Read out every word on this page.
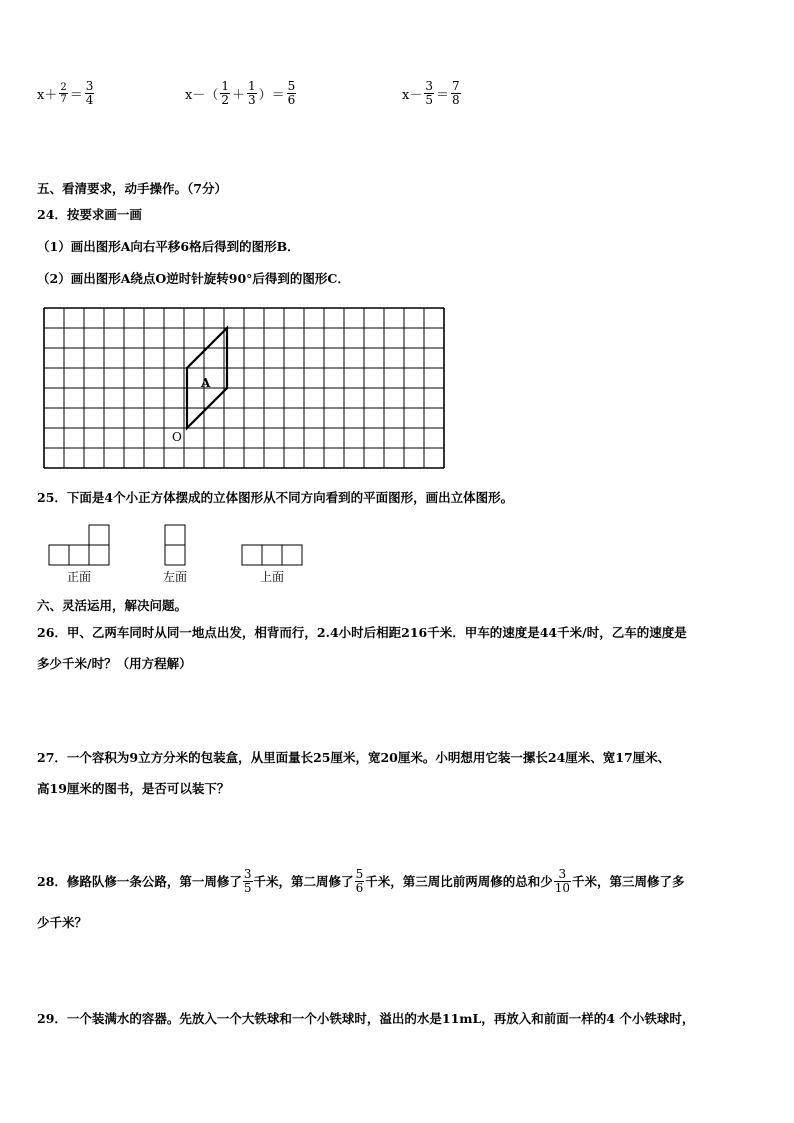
$x+ \frac{2}{7} = \frac{3}{4}$	$x-( \frac{1}{2} + \frac{1}{3}$ ）＝ $\frac{5}{6}$	$x- \frac{3}{5} = \frac{7}{8}$
五、看清要求，动手操作。（7分）
24．按要求画一画
（1）画出图形A向右平移6格后得到的图形B．
（2）画出图形A绕点O逆时针旋转90°后得到的图形C．
A
O
25．下面是4个小正方体摆成的立体图形从不同方向看到的平面图形，画出立体图形。
正面	左面	上面
六、灵活运用，解决问题。
26．甲、乙两车同时从同一地点出发，相背而行，2.4小时后相距216千米．甲车的速度是44千米/时，乙车的速度是
多少千米/时？（用方程解）
27．一个容积为9立方分米的包装盒，从里面量长25厘米，宽20厘米。小明想用它装一摞长24厘米、宽17厘米、
高19厘米的图书，是否可以装下？
28．修路队修一条公路，第一周修了 $\frac{3}{5}$ 千米，第二周修了 $\frac{5}{6}$ 千米，第三周比前两周修的总和少 $\frac{3}{10}$ 千米，第三周修了多
少千米？
29．一个装满水的容器。先放入一个大铁球和一个小铁球时，溢出的水是11mL，再放入和前面一样的4 个小铁球时，
